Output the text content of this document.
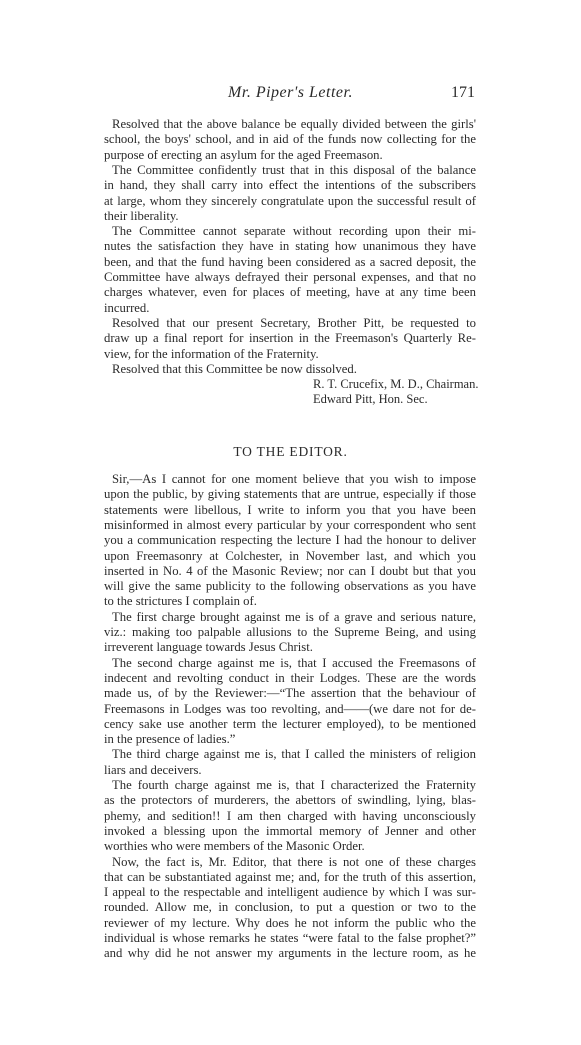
Mr. Piper's Letter.	171
Resolved that the above balance be equally divided between the girls'
school, the boys' school, and in aid of the funds now collecting for the
purpose of erecting an asylum for the aged Freemason.
The Committee confidently trust that in this disposal of the balance
in hand, they shall carry into effect the intentions of the subscribers
at large, whom they sincerely congratulate upon the successful result of
their liberality.
The Committee cannot separate without recording upon their mi-
nutes the satisfaction they have in stating how unanimous they have
been, and that the fund having been considered as a sacred deposit, the
Committee have always defrayed their personal expenses, and that no
charges whatever, even for places of meeting, have at any time been
incurred.
Resolved that our present Secretary, Brother Pitt, be requested to
draw up a final report for insertion in the Freemason's Quarterly Re-
view, for the information of the Fraternity.
Resolved that this Committee be now dissolved.
R. T. Crucefix, M. D., Chairman.
Edward Pitt, Hon. Sec.
TO THE EDITOR.
Sir,—As I cannot for one moment believe that you wish to impose
upon the public, by giving statements that are untrue, especially if those
statements were libellous, I write to inform you that you have been
misinformed in almost every particular by your correspondent who sent
you a communication respecting the lecture I had the honour to deliver
upon Freemasonry at Colchester, in November last, and which you
inserted in No. 4 of the Masonic Review; nor can I doubt but that you
will give the same publicity to the following observations as you have
to the strictures I complain of.
The first charge brought against me is of a grave and serious nature,
viz.: making too palpable allusions to the Supreme Being, and using
irreverent language towards Jesus Christ.
The second charge against me is, that I accused the Freemasons of
indecent and revolting conduct in their Lodges. These are the words
made us, of by the Reviewer:—“The assertion that the behaviour of
Freemasons in Lodges was too revolting, and——(we dare not for de-
cency sake use another term the lecturer employed), to be mentioned
in the presence of ladies.”
The third charge against me is, that I called the ministers of religion
liars and deceivers.
The fourth charge against me is, that I characterized the Fraternity
as the protectors of murderers, the abettors of swindling, lying, blas-
phemy, and sedition!! I am then charged with having unconsciously
invoked a blessing upon the immortal memory of Jenner and other
worthies who were members of the Masonic Order.
Now, the fact is, Mr. Editor, that there is not one of these charges
that can be substantiated against me; and, for the truth of this assertion,
I appeal to the respectable and intelligent audience by which I was sur-
rounded. Allow me, in conclusion, to put a question or two to the
reviewer of my lecture. Why does he not inform the public who the
individual is whose remarks he states “were fatal to the false prophet?”
and why did he not answer my arguments in the lecture room, as he
